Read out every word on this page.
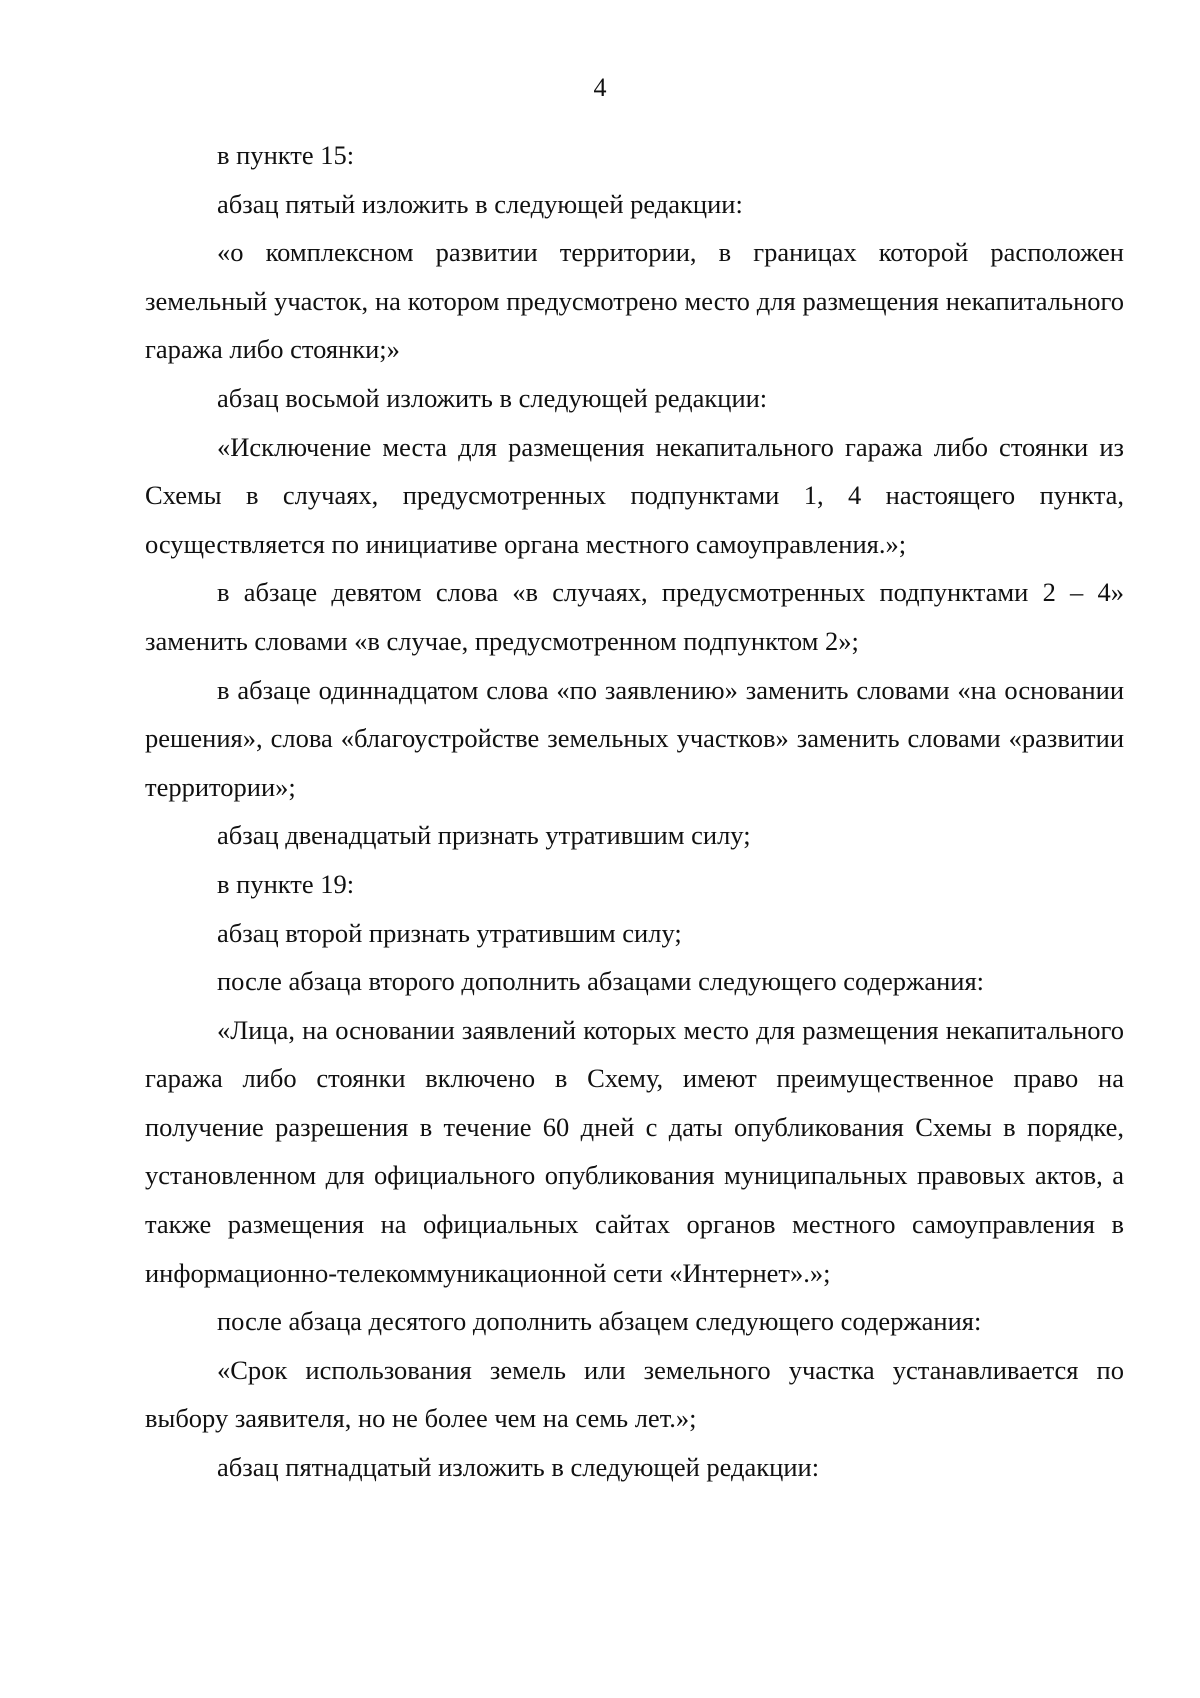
4

в пункте 15:

абзац пятый изложить в следующей редакции:

«о комплексном развитии территории, в границах которой расположен земельный участок, на котором предусмотрено место для размещения некапитального гаража либо стоянки;»

абзац восьмой изложить в следующей редакции:

«Исключение места для размещения некапитального гаража либо стоянки из Схемы в случаях, предусмотренных подпунктами 1, 4 настоящего пункта, осуществляется по инициативе органа местного самоуправления.»;

в абзаце девятом слова «в случаях, предусмотренных подпунктами 2 – 4» заменить словами «в случае, предусмотренном подпунктом 2»;

в абзаце одиннадцатом слова «по заявлению» заменить словами «на основании решения», слова «благоустройстве земельных участков» заменить словами «развитии территории»;

абзац двенадцатый признать утратившим силу;

в пункте 19:

абзац второй признать утратившим силу;

после абзаца второго дополнить абзацами следующего содержания:

«Лица, на основании заявлений которых место для размещения некапитального гаража либо стоянки включено в Схему, имеют преимущественное право на получение разрешения в течение 60 дней с даты опубликования Схемы в порядке, установленном для официального опубликования муниципальных правовых актов, а также размещения на официальных сайтах органов местного самоуправления в информационно-телекоммуникационной сети «Интернет».»;

после абзаца десятого дополнить абзацем следующего содержания:

«Срок использования земель или земельного участка устанавливается по выбору заявителя, но не более чем на семь лет.»;

абзац пятнадцатый изложить в следующей редакции:
